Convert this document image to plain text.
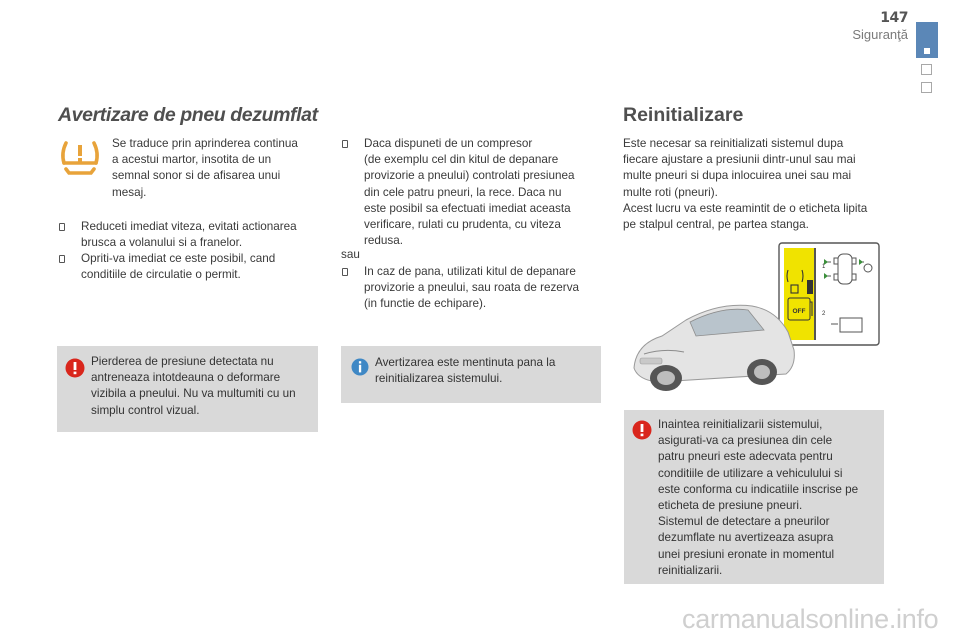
147
Siguranţă
Avertizare de pneu dezumflat
Se traduce prin aprinderea continua
a acestui martor, insotita de un
semnal sonor si de afisarea unui
mesaj.
Reduceti imediat viteza, evitati actionarea
brusca a volanului si a franelor.
Opriti-va imediat ce este posibil, cand
conditiile de circulatie o permit.
Pierderea de presiune detectata nu
antreneaza intotdeauna o deformare
vizibila a pneului. Nu va multumiti cu un
simplu control vizual.
Daca dispuneti de un compresor
(de exemplu cel din kitul de depanare
provizorie a pneului) controlati presiunea
din cele patru pneuri, la rece. Daca nu
este posibil sa efectuati imediat aceasta
verificare, rulati cu prudenta, cu viteza
redusa.
sau
In caz de pana, utilizati kitul de depanare
provizorie a pneului, sau roata de rezerva
(in functie de echipare).
Avertizarea este mentinuta pana la
reinitializarea sistemului.
Reinitializare
Este necesar sa reinitializati sistemul dupa
fiecare ajustare a presiunii dintr-unul sau mai
multe pneuri si dupa inlocuirea unei sau mai
multe roti (pneuri).
Acest lucru va este reamintit de o eticheta lipita
pe stalpul central, pe partea stanga.
OFF
1
2
Inaintea reinitializarii sistemului,
asigurati-va ca presiunea din cele
patru pneuri este adecvata pentru
conditiile de utilizare a vehiculului si
este conforma cu indicatiile inscrise pe
eticheta de presiune pneuri.
Sistemul de detectare a pneurilor
dezumflate nu avertizeaza asupra
unei presiuni eronate in momentul
reinitializarii.
carmanualsonline.info
